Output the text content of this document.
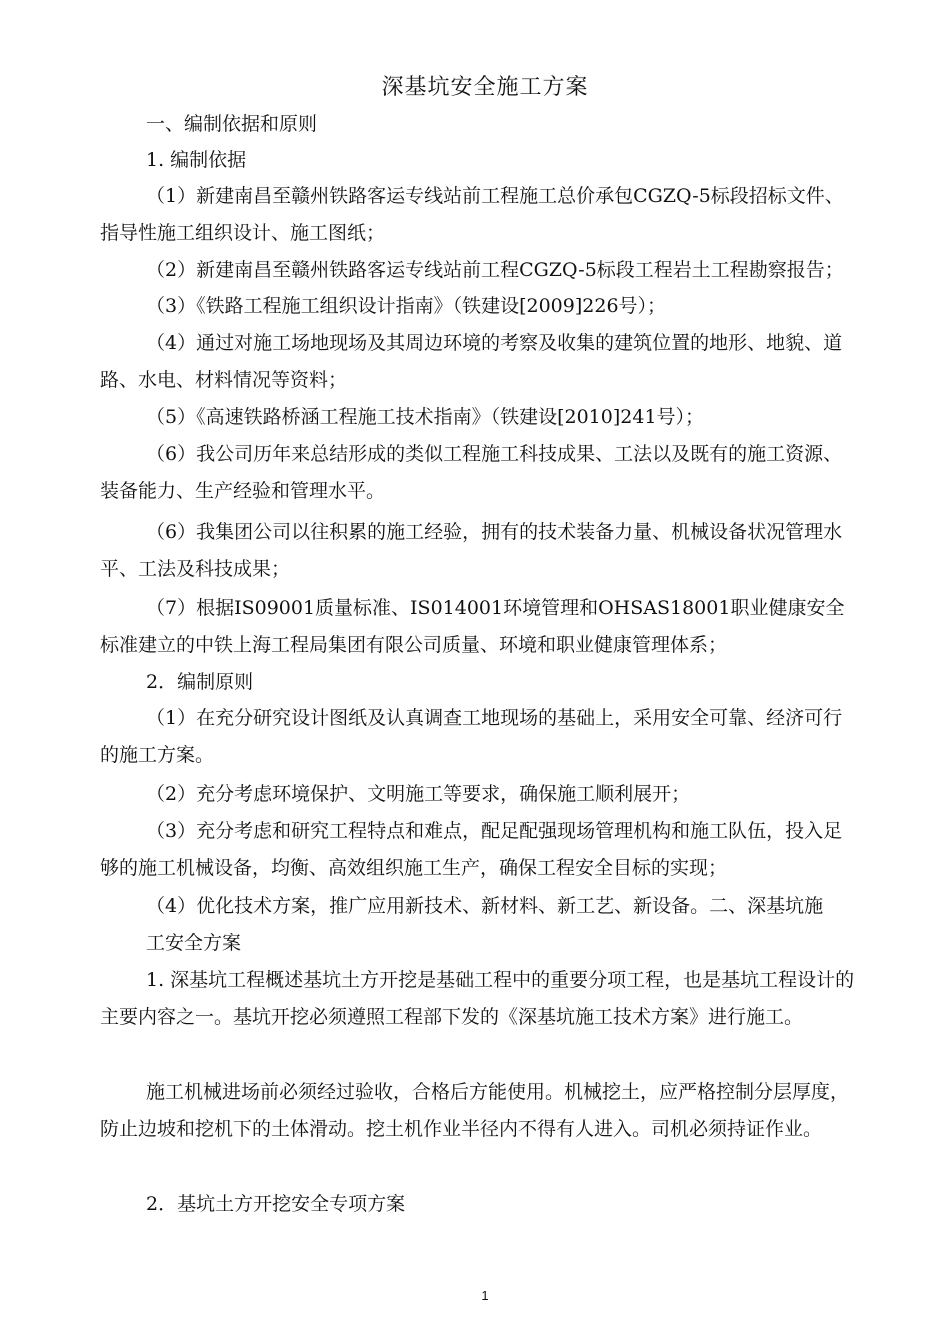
深基坑安全施工方案

一、编制依据和原则

1. 编制依据

（1）新建南昌至赣州铁路客运专线站前工程施工总价承包CGZQ-5标段招标文件、指导性施工组织设计、施工图纸；

（2）新建南昌至赣州铁路客运专线站前工程CGZQ-5标段工程岩土工程勘察报告；

（3）《铁路工程施工组织设计指南》（铁建设[2009]226号）；

（4）通过对施工场地现场及其周边环境的考察及收集的建筑位置的地形、地貌、道路、水电、材料情况等资料；

（5）《高速铁路桥涵工程施工技术指南》（铁建设[2010]241号）；

（6）我公司历年来总结形成的类似工程施工科技成果、工法以及既有的施工资源、装备能力、生产经验和管理水平。

（6）我集团公司以往积累的施工经验，拥有的技术装备力量、机械设备状况管理水平、工法及科技成果；

（7）根据IS09001质量标准、IS014001环境管理和OHSAS18001职业健康安全标准建立的中铁上海工程局集团有限公司质量、环境和职业健康管理体系；

2．编制原则

（1）在充分研究设计图纸及认真调查工地现场的基础上，采用安全可靠、经济可行的施工方案。

（2）充分考虑环境保护、文明施工等要求，确保施工顺利展开；

（3）充分考虑和研究工程特点和难点，配足配强现场管理机构和施工队伍，投入足够的施工机械设备，均衡、高效组织施工生产，确保工程安全目标的实现；

（4）优化技术方案，推广应用新技术、新材料、新工艺、新设备。二、深基坑施

工安全方案

1. 深基坑工程概述基坑土方开挖是基础工程中的重要分项工程，也是基坑工程设计的主要内容之一。基坑开挖必须遵照工程部下发的《深基坑施工技术方案》进行施工。

施工机械进场前必须经过验收，合格后方能使用。机械挖土，应严格控制分层厚度，防止边坡和挖机下的土体滑动。挖土机作业半径内不得有人进入。司机必须持证作业。

2．基坑土方开挖安全专项方案

1
